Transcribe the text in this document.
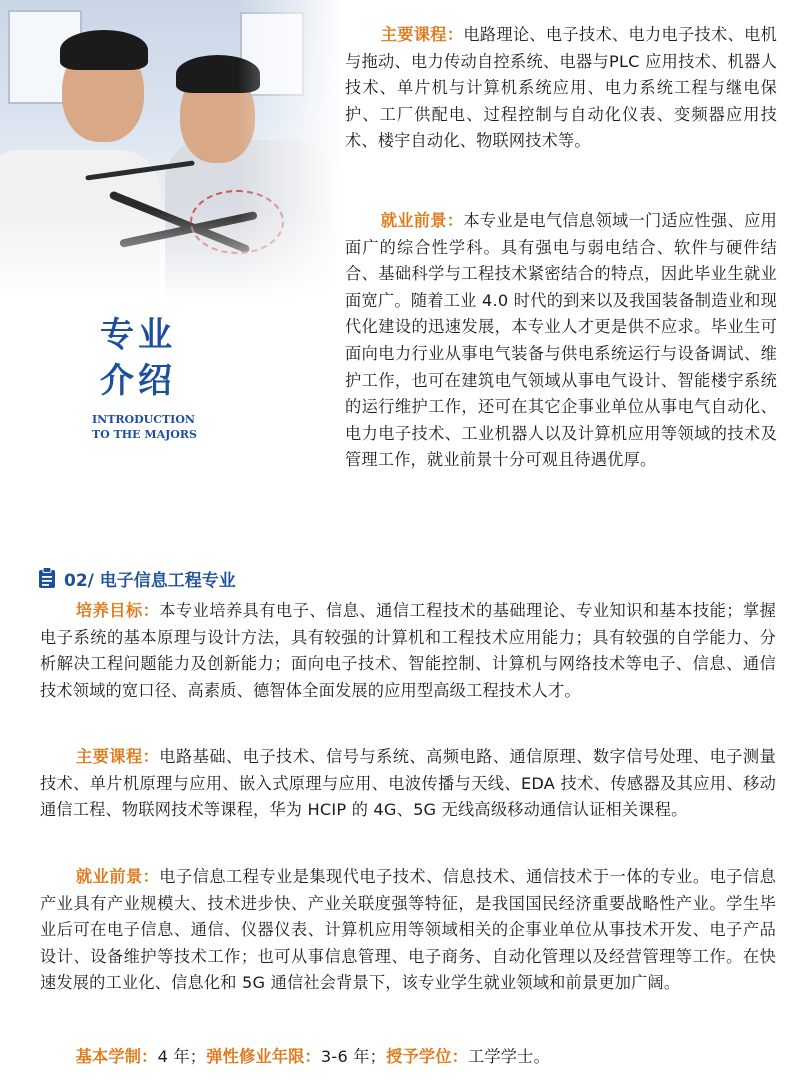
专业
介绍
INTRODUCTION
TO THE MAJORS
主要课程：电路理论、电子技术、电力电子技术、电机与拖动、电力传动自控系统、电器与PLC 应用技术、机器人技术、单片机与计算机系统应用、电力系统工程与继电保护、工厂供配电、过程控制与自动化仪表、变频器应用技术、楼宇自动化、物联网技术等。
就业前景：本专业是电气信息领域一门适应性强、应用面广的综合性学科。具有强电与弱电结合、软件与硬件结合、基础科学与工程技术紧密结合的特点，因此毕业生就业面宽广。随着工业 4.0 时代的到来以及我国装备制造业和现代化建设的迅速发展，本专业人才更是供不应求。毕业生可面向电力行业从事电气装备与供电系统运行与设备调试、维护工作，也可在建筑电气领域从事电气设计、智能楼宇系统的运行维护工作，还可在其它企事业单位从事电气自动化、电力电子技术、工业机器人以及计算机应用等领域的技术及管理工作，就业前景十分可观且待遇优厚。
02/ 电子信息工程专业
培养目标：本专业培养具有电子、信息、通信工程技术的基础理论、专业知识和基本技能；掌握电子系统的基本原理与设计方法，具有较强的计算机和工程技术应用能力；具有较强的自学能力、分析解决工程问题能力及创新能力；面向电子技术、智能控制、计算机与网络技术等电子、信息、通信技术领域的宽口径、高素质、德智体全面发展的应用型高级工程技术人才。
主要课程：电路基础、电子技术、信号与系统、高频电路、通信原理、数字信号处理、电子测量技术、单片机原理与应用、嵌入式原理与应用、电波传播与天线、EDA 技术、传感器及其应用、移动通信工程、物联网技术等课程，华为 HCIP 的 4G、5G 无线高级移动通信认证相关课程。
就业前景：电子信息工程专业是集现代电子技术、信息技术、通信技术于一体的专业。电子信息产业具有产业规模大、技术进步快、产业关联度强等特征，是我国国民经济重要战略性产业。学生毕业后可在电子信息、通信、仪器仪表、计算机应用等领域相关的企事业单位从事技术开发、电子产品设计、设备维护等技术工作；也可从事信息管理、电子商务、自动化管理以及经营管理等工作。在快速发展的工业化、信息化和 5G 通信社会背景下，该专业学生就业领域和前景更加广阔。
基本学制：4 年；弹性修业年限：3-6 年；授予学位：工学学士。
